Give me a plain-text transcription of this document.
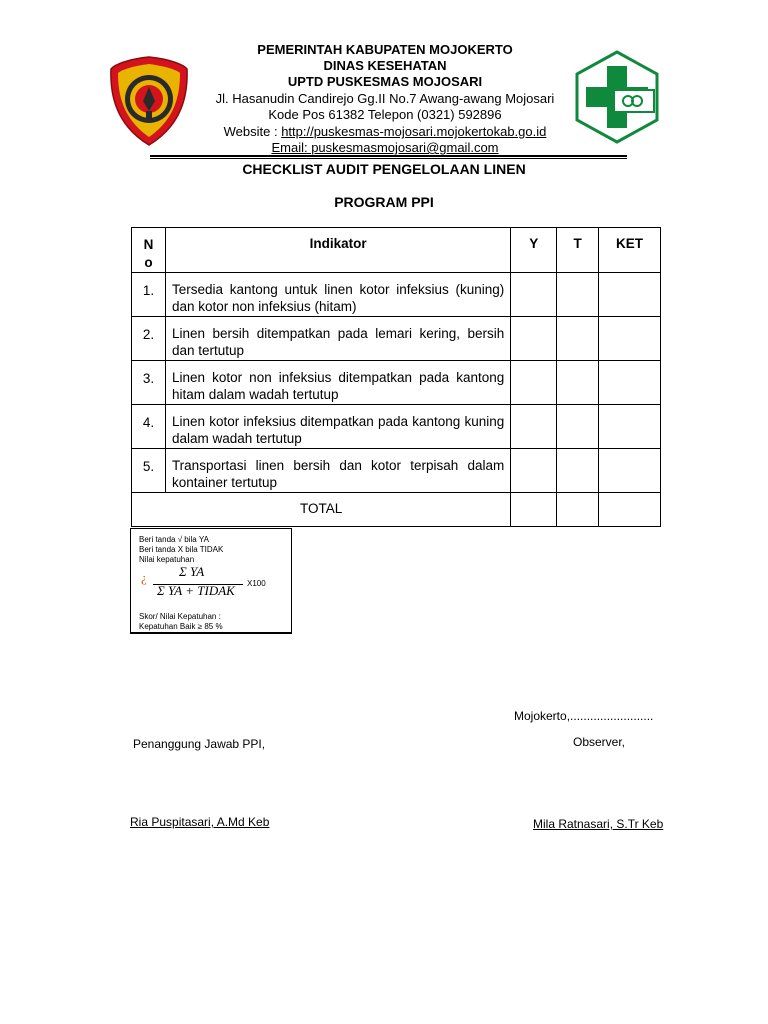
PEMERINTAH KABUPATEN MOJOKERTO
DINAS KESEHATAN
UPTD PUSKESMAS MOJOSARI
Jl. Hasanudin Candirejo Gg.II No.7 Awang-awang Mojosari
Kode Pos 61382 Telepon (0321) 592896
Website : http://puskesmas-mojosari.mojokertokab.go.id
Email: puskesmasmojosari@gmail.com
CHECKLIST AUDIT PENGELOLAAN LINEN
PROGRAM PPI
N
o	Indikator	Y	T	KET
1.	Tersedia kantong untuk linen kotor infeksius (kuning) dan kotor non infeksius (hitam)			
2.	Linen bersih ditempatkan pada lemari kering, bersih dan tertutup			
3.	Linen kotor non infeksius ditempatkan pada kantong hitam dalam wadah tertutup			
4.	Linen kotor infeksius ditempatkan pada kantong kuning dalam wadah tertutup			
5.	Transportasi linen bersih dan kotor terpisah dalam kontainer tertutup			
TOTAL				
Beri tanda √ bila YA
Beri tanda X bila TIDAK
Nilai kepatuhan
¿ Σ YA
Σ YA + TIDAK X100
Skor/ Nilai Kepatuhan :
Kepatuhan Baik ≥ 85 %
Mojokerto,.........................
Penanggung Jawab PPI,	Observer,
Ria Puspitasari, A.Md Keb	Mila Ratnasari, S.Tr Keb
